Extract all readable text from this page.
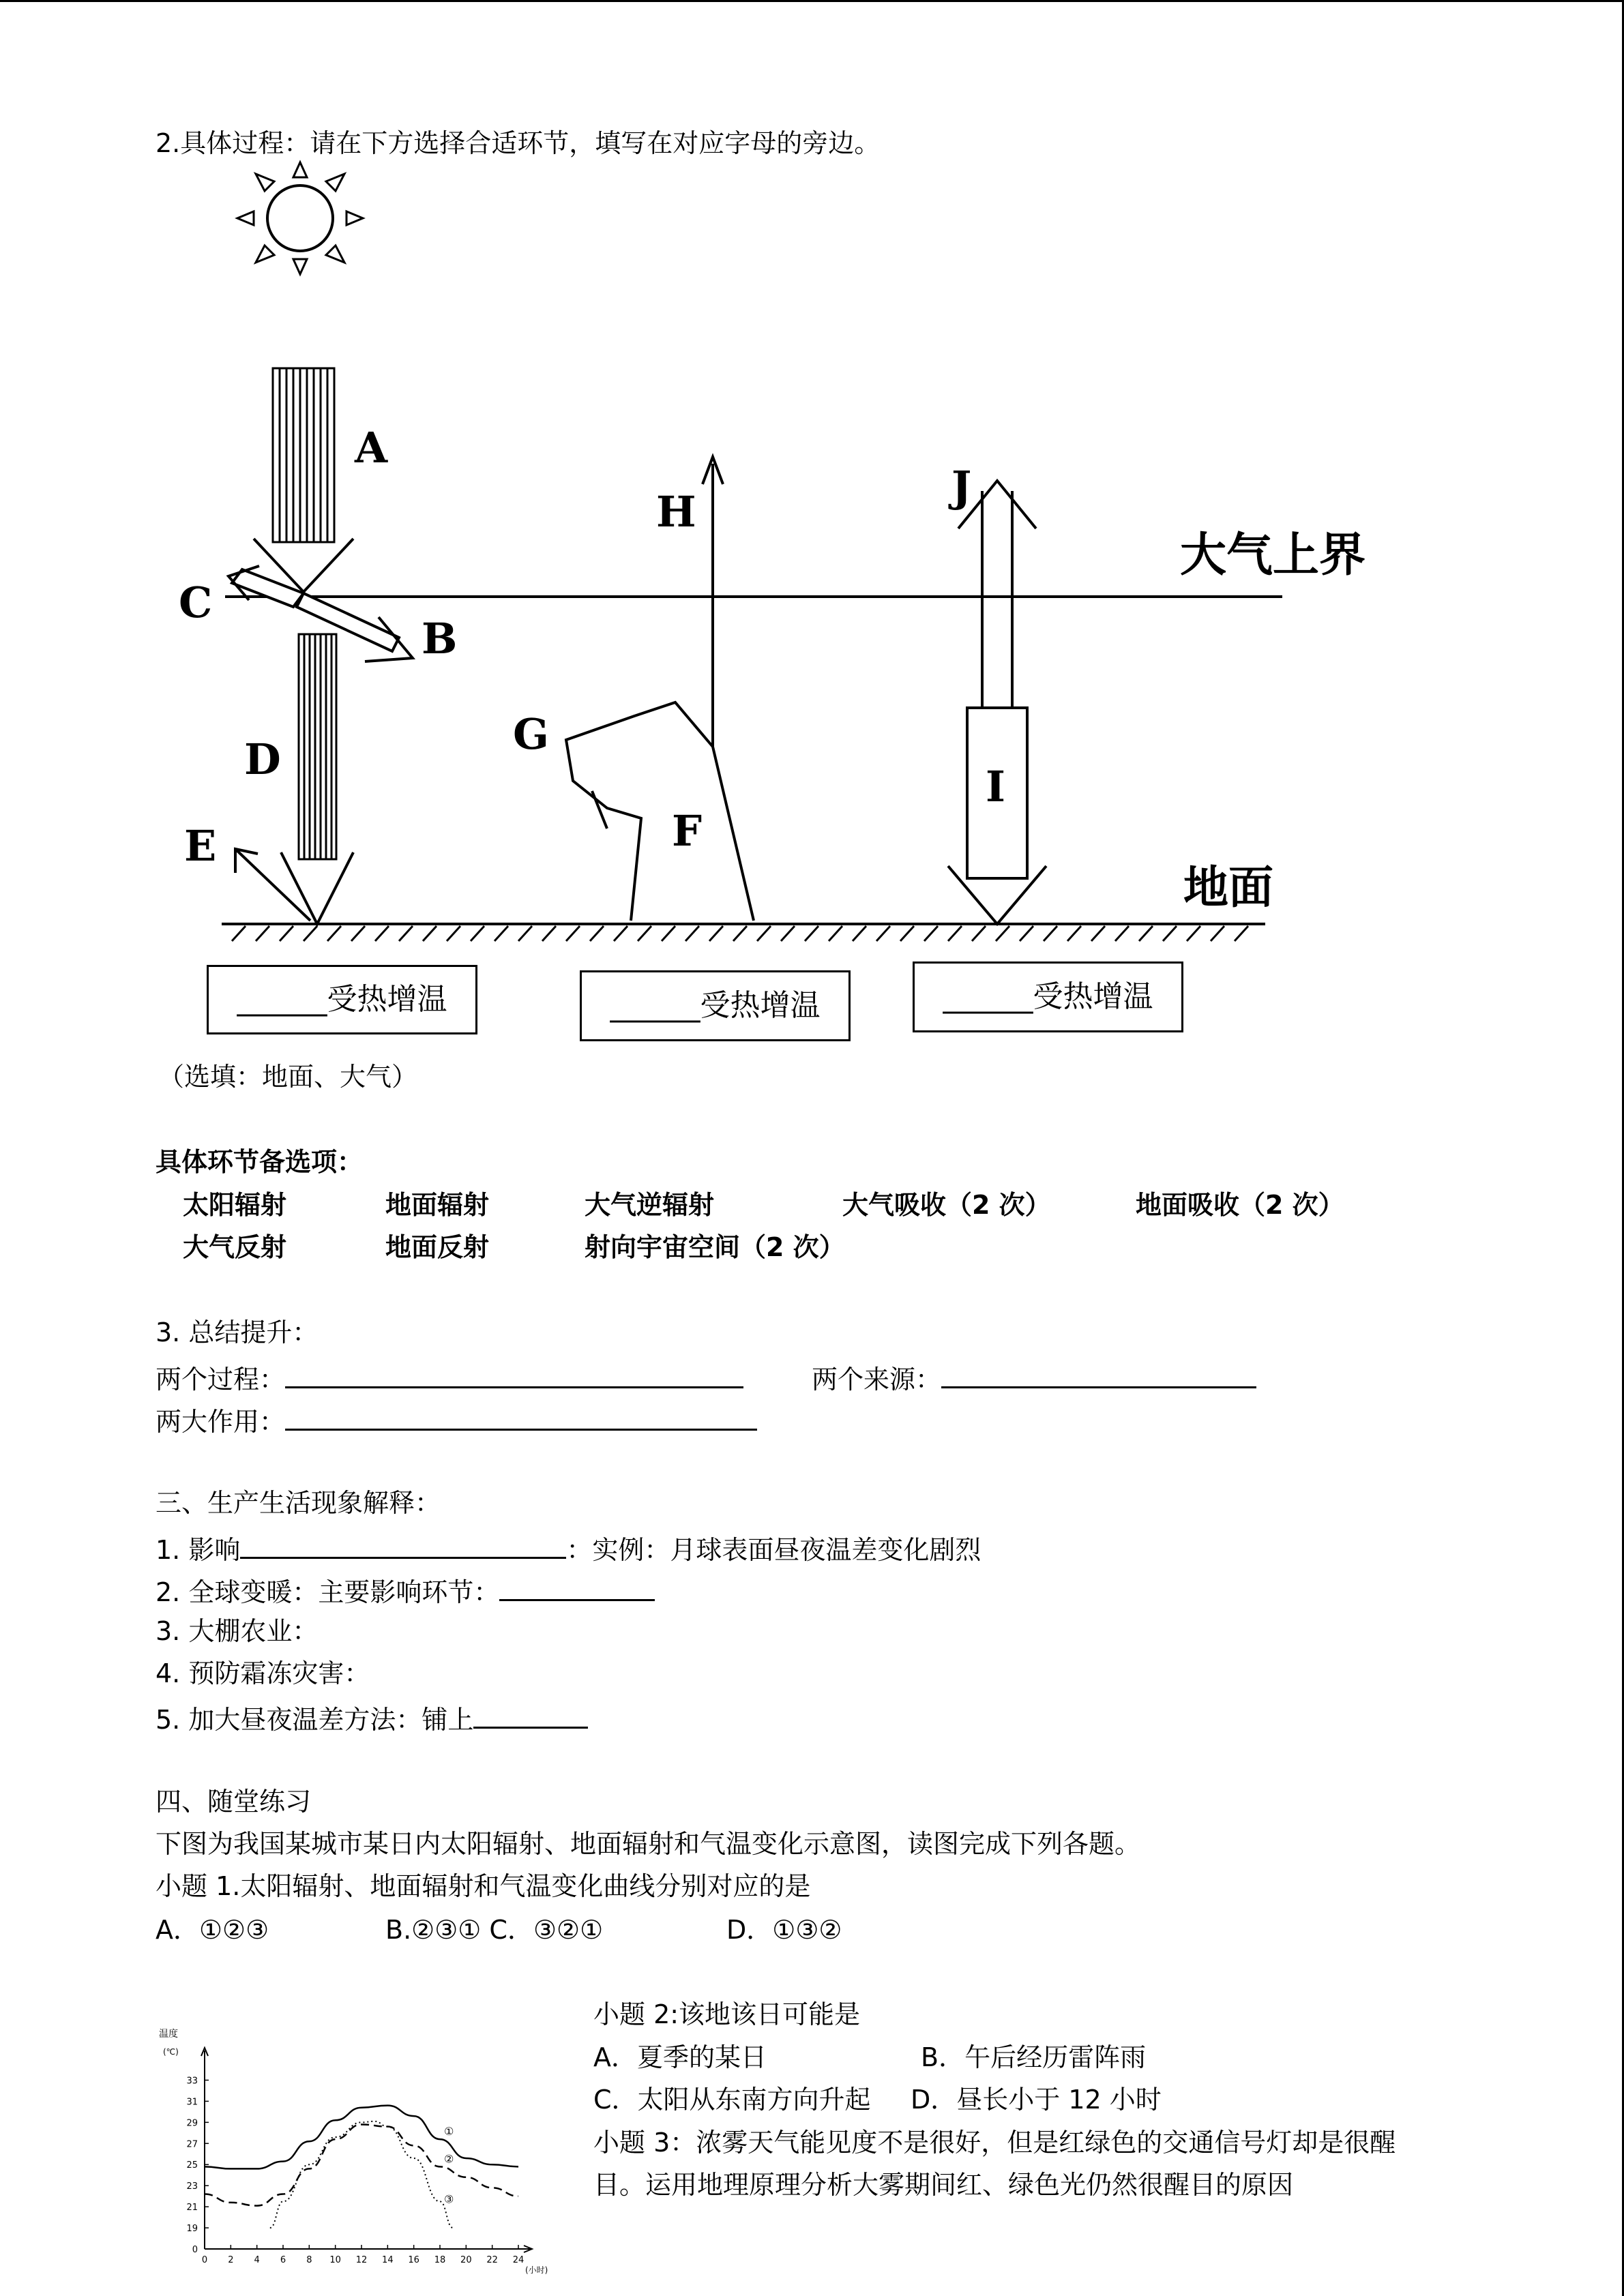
2.具体过程：请在下方选择合适环节，填写在对应字母的旁边。
A
B
C
D
E	F
G
H
I
J
大气上界
地面
______受热增温	______受热增温	______受热增温
（选填：地面、大气）
具体环节备选项：
太阳辐射	地面辐射	大气逆辐射	大气吸收（2 次）	地面吸收（2 次）
大气反射	地面反射	射向宇宙空间（2 次）
3. 总结提升：
两个过程：	两个来源：
两大作用：
三、生产生活现象解释：
1. 影响	：实例：月球表面昼夜温差变化剧烈
2. 全球变暖：主要影响环节：
3. 大棚农业：
4. 预防霜冻灾害：
5. 加大昼夜温差方法：铺上
四、随堂练习
下图为我国某城市某日内太阳辐射、地面辐射和气温变化示意图，读图完成下列各题。
小题 1.太阳辐射、地面辐射和气温变化曲线分别对应的是
A．①②③	B.②③① C．③②①	D．①③②
小题 2:该地该日可能是
A．夏季的某日	B．午后经历雷阵雨
C．太阳从东南方向升起 D．昼长小于 12 小时
小题 3：浓雾天气能见度不是很好，但是红绿色的交通信号灯却是很醒
目。运用地理原理分析大雾期间红、绿色光仍然很醒目的原因
温度
(℃)
(小时)
0
19
21
23
25
27
29
31
33
0 2 4 6 8 10 12 14 16 18 20 22 24
①
②
③
